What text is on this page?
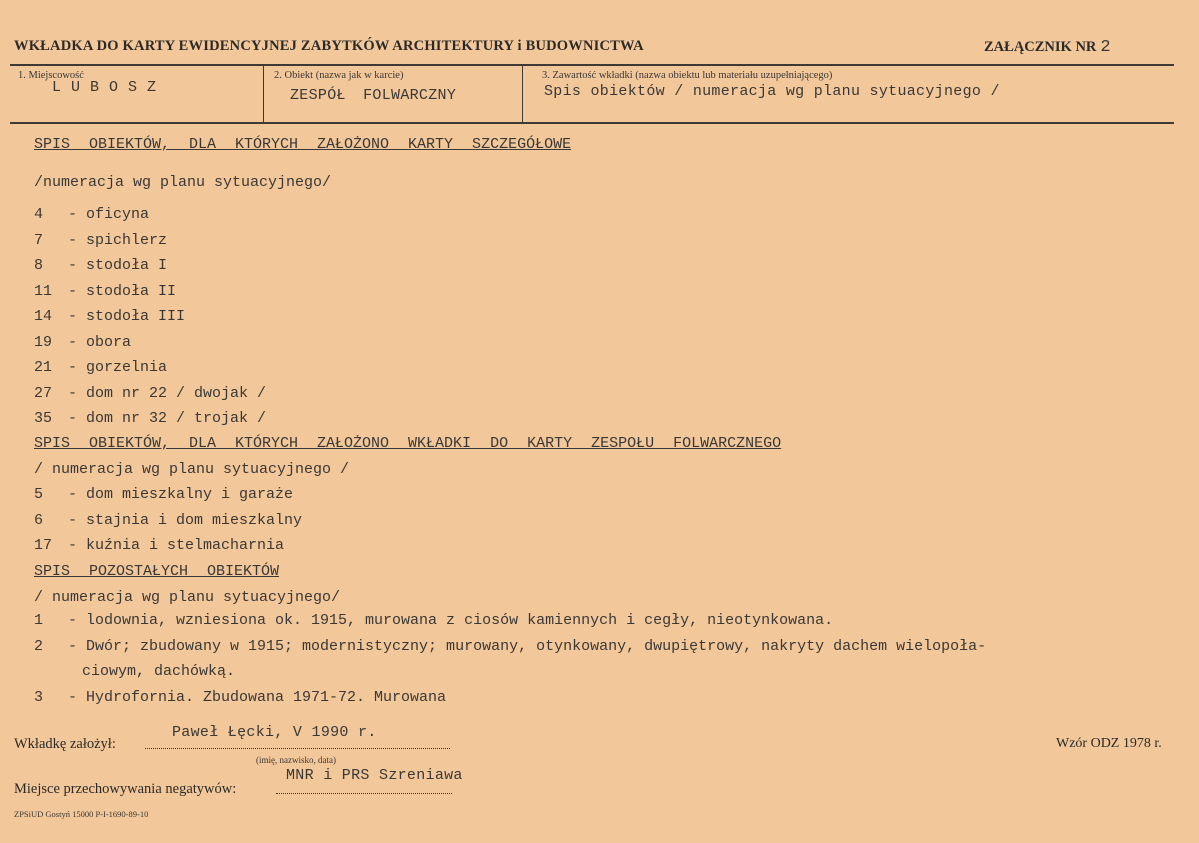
WKŁADKA DO KARTY EWIDENCYJNEJ ZABYTKÓW ARCHITEKTURY i BUDOWNICTWA	ZAŁĄCZNIK NR 2
1. Miejscowość
LUBOSZ
2. Obiekt (nazwa jak w karcie)
ZESPÓŁ FOLWARCZNY
3. Zawartość wkładki (nazwa obiektu lub materiału uzupełniającego)
Spis obiektów / numeracja wg planu sytuacyjnego /
SPIS OBIEKTÓW, DLA KTÓRYCH ZAŁOŻONO KARTY SZCZEGÓŁOWE
/numeracja wg planu sytuacyjnego/
4 - oficyna
7 - spichlerz
8 - stodoła I
11 - stodoła II
14 - stodoła III
19 - obora
21 - gorzelnia
27 - dom nr 22 / dwojak /
35 - dom nr 32 / trojak /
SPIS OBIEKTÓW, DLA KTÓRYCH ZAŁOŻONO WKŁADKI DO KARTY ZESPOŁU FOLWARCZNEGO
/ numeracja wg planu sytuacyjnego /
5 - dom mieszkalny i garaże
6 - stajnia i dom mieszkalny
17 - kuźnia i stelmacharnia
SPIS POZOSTAŁYCH OBIEKTÓW
/ numeracja wg planu sytuacyjnego/
1 - lodownia, wzniesiona ok. 1915, murowana z ciosów kamiennych i cegły, nieotynkowana.
2 - Dwór; zbudowany w 1915; modernistyczny; murowany, otynkowany, dwupiętrowy, nakryty dachem wielopoła-
ciowym, dachówką.
3 - Hydrofornia. Zbudowana 1971-72. Murowana
Wkładkę założył:
Paweł Łęcki, V 1990 r.
(imię, nazwisko, data)
Miejsce przechowywania negatywów:
MNR i PRS Szreniawa
Wzór ODZ 1978 r.
ZPSiUD Gostyń 15000 P-I-1690-89-10
